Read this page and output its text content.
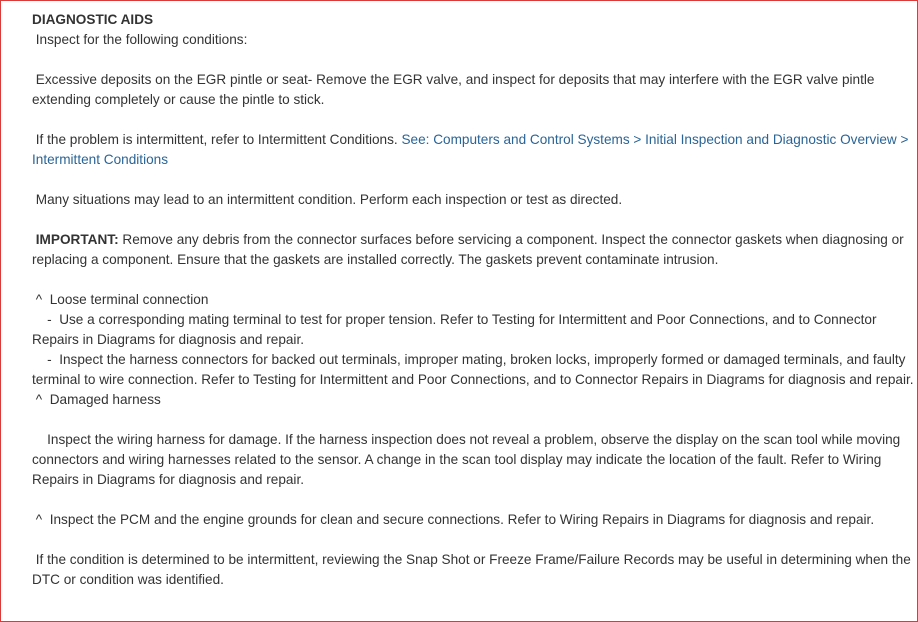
DIAGNOSTIC AIDS
Inspect for the following conditions:

Excessive deposits on the EGR pintle or seat- Remove the EGR valve, and inspect for deposits that may interfere with the EGR valve pintle extending completely or cause the pintle to stick.

If the problem is intermittent, refer to Intermittent Conditions. See: Computers and Control Systems > Initial Inspection and Diagnostic Overview > Intermittent Conditions

Many situations may lead to an intermittent condition. Perform each inspection or test as directed.

IMPORTANT: Remove any debris from the connector surfaces before servicing a component. Inspect the connector gaskets when diagnosing or replacing a component. Ensure that the gaskets are installed correctly. The gaskets prevent contaminate intrusion.

^  Loose terminal connection

-  Use a corresponding mating terminal to test for proper tension. Refer to Testing for Intermittent and Poor Connections, and to Connector Repairs in Diagrams for diagnosis and repair.

-  Inspect the harness connectors for backed out terminals, improper mating, broken locks, improperly formed or damaged terminals, and faulty terminal to wire connection. Refer to Testing for Intermittent and Poor Connections, and to Connector Repairs in Diagrams for diagnosis and repair.

^  Damaged harness

Inspect the wiring harness for damage. If the harness inspection does not reveal a problem, observe the display on the scan tool while moving connectors and wiring harnesses related to the sensor. A change in the scan tool display may indicate the location of the fault. Refer to Wiring Repairs in Diagrams for diagnosis and repair.

^  Inspect the PCM and the engine grounds for clean and secure connections. Refer to Wiring Repairs in Diagrams for diagnosis and repair.

If the condition is determined to be intermittent, reviewing the Snap Shot or Freeze Frame/Failure Records may be useful in determining when the DTC or condition was identified.
